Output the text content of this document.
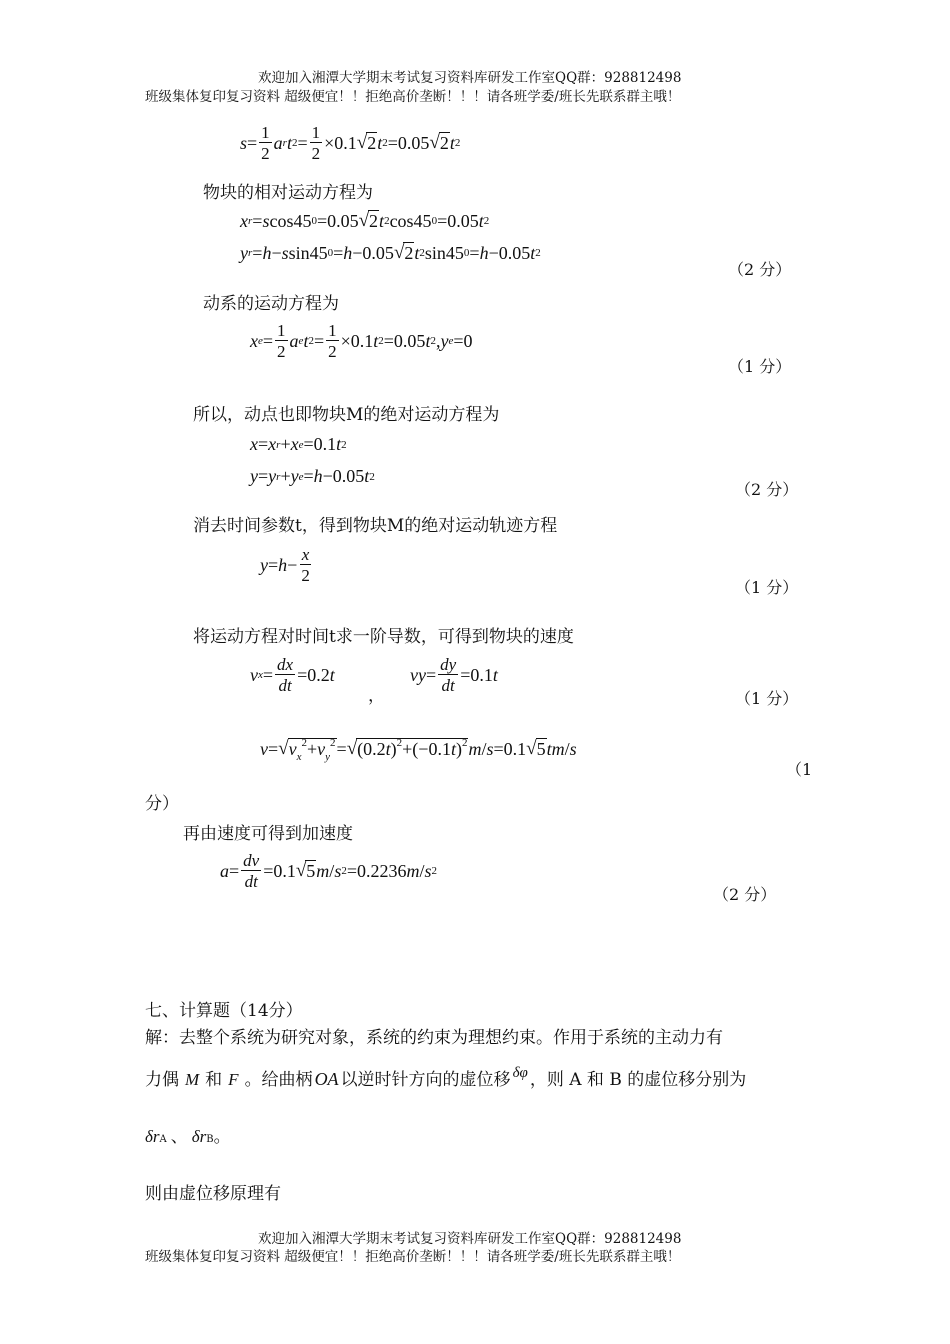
欢迎加入湘潭大学期末考试复习资料库研发工作室QQ群：928812498
班级集体复印复习资料 超级便宜！！拒绝高价垄断！！！请各班学委/班长先联系群主哦！
$s = \frac{1}{2}$ a r t $2 = \frac{1}{2} \times 0.1$ √ 2 t 2 =0.05 √ 2 t 2
物块的相对运动方程为
x r = s cos45 0 =0.05 √ 2 t 2 cos45 0 =0.05 t 2
y r = h − s sin45 0 = h −0.05 √ 2 t 2 sin45 0 = h −0.05 t 2
（2 分）
动系的运动方程为
x $e = \frac{1}{2}$ a e t $2 = \frac{1}{2} \times 0.1$ t 2 =0.05 t 2 , y e =0
（1 分）
所以，动点也即物块M的绝对运动方程为
x = x r + x e =0.1 t 2
y = y r + y e = h −0.05 t 2
（2 分）
消去时间参数t，得到物块M的绝对运动轨迹方程
$y = h - \frac{x}{2}$
（1 分）
将运动方程对时间t求一阶导数，可得到物块的速度
v $x = \frac{dx}{dt} =0.2$ t
，
vy = $\frac{dy}{dt} =0.1$ t
（1 分）
v = √ $v_x^2+v_y^2$ = √ $(0.2t)^2+(-0.1t)^2$ m / s =0.1 √ 5 tm / s
（1
分）
再由速度可得到加速度
$a = \frac{dv}{dt} =0.1$ √ 5 m / s 2 =0.2236 m / s 2
（2 分）
七、计算题（14分）
解：去整个系统为研究对象，系统的约束为理想约束。作用于系统的主动力有
力偶 M 和 F 。给曲柄 OA 以逆时针方向的虚位移 δφ ，则 A 和 B 的虚位移分别为
δr A 、 δr B 。
则由虚位移原理有
欢迎加入湘潭大学期末考试复习资料库研发工作室QQ群：928812498
班级集体复印复习资料 超级便宜！！拒绝高价垄断！！！请各班学委/班长先联系群主哦！
